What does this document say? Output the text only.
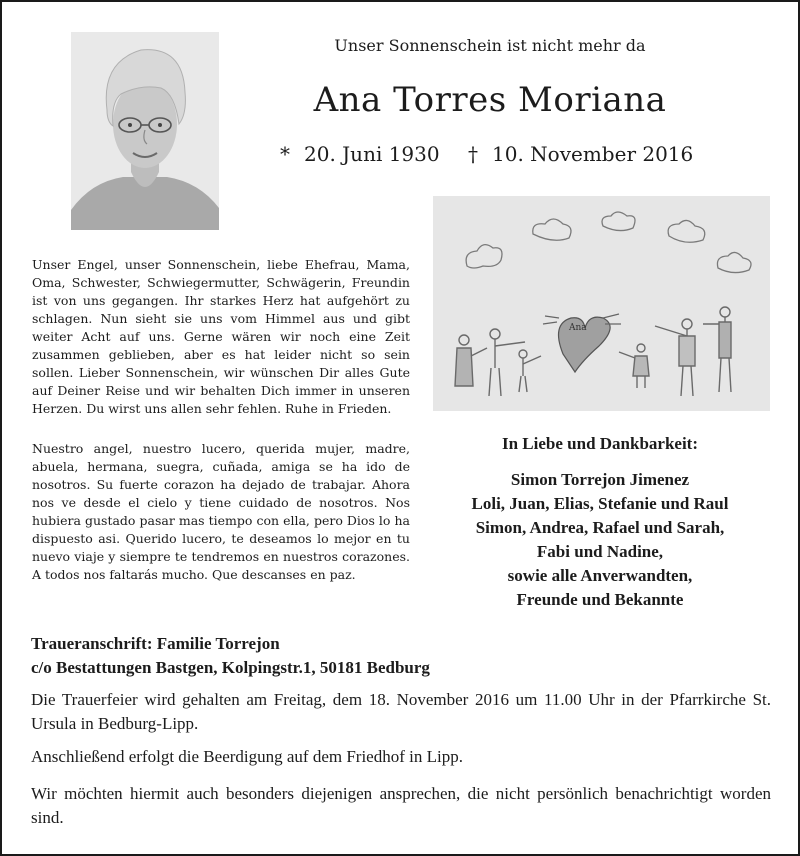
Unser Sonnenschein ist nicht mehr da
Ana Torres Moriana
* 20. Juni 1930 † 10. November 2016
Ana
Unser Engel, unser Sonnenschein, liebe Ehefrau, Mama, Oma, Schwester, Schwiegermutter, Schwägerin, Freundin ist von uns gegangen. Ihr starkes Herz hat aufgehört zu schlagen. Nun sieht sie uns vom Himmel aus und gibt weiter Acht auf uns. Gerne wären wir noch eine Zeit zusammen geblieben, aber es hat leider nicht so sein sollen. Lieber Sonnenschein, wir wünschen Dir alles Gute auf Deiner Reise und wir behalten Dich immer in unseren Herzen. Du wirst uns allen sehr fehlen. Ruhe in Frieden.
Nuestro angel, nuestro lucero, querida mujer, madre, abuela, hermana, suegra, cuñada, amiga se ha ido de nosotros. Su fuerte corazon ha dejado de trabajar. Ahora nos ve desde el cielo y tiene cuidado de nosotros. Nos hubiera gustado pasar mas tiempo con ella, pero Dios lo ha dispuesto asi. Querido lucero, te deseamos lo mejor en tu nuevo viaje y siempre te tendremos en nuestros corazones. A todos nos faltarás mucho. Que descanses en paz.
In Liebe und Dankbarkeit:
Simon Torrejon Jimenez
Loli, Juan, Elias, Stefanie und Raul
Simon, Andrea, Rafael und Sarah,
Fabi und Nadine,
sowie alle Anverwandten,
Freunde und Bekannte
Traueranschrift: Familie Torrejon
c/o Bestattungen Bastgen, Kolpingstr.1, 50181 Bedburg
Die Trauerfeier wird gehalten am Freitag, dem 18. November 2016 um 11.00 Uhr in der Pfarrkirche St. Ursula in Bedburg-Lipp.
Anschließend erfolgt die Beerdigung auf dem Friedhof in Lipp.
Wir möchten hiermit auch besonders diejenigen ansprechen, die nicht persönlich benachrichtigt worden sind.
